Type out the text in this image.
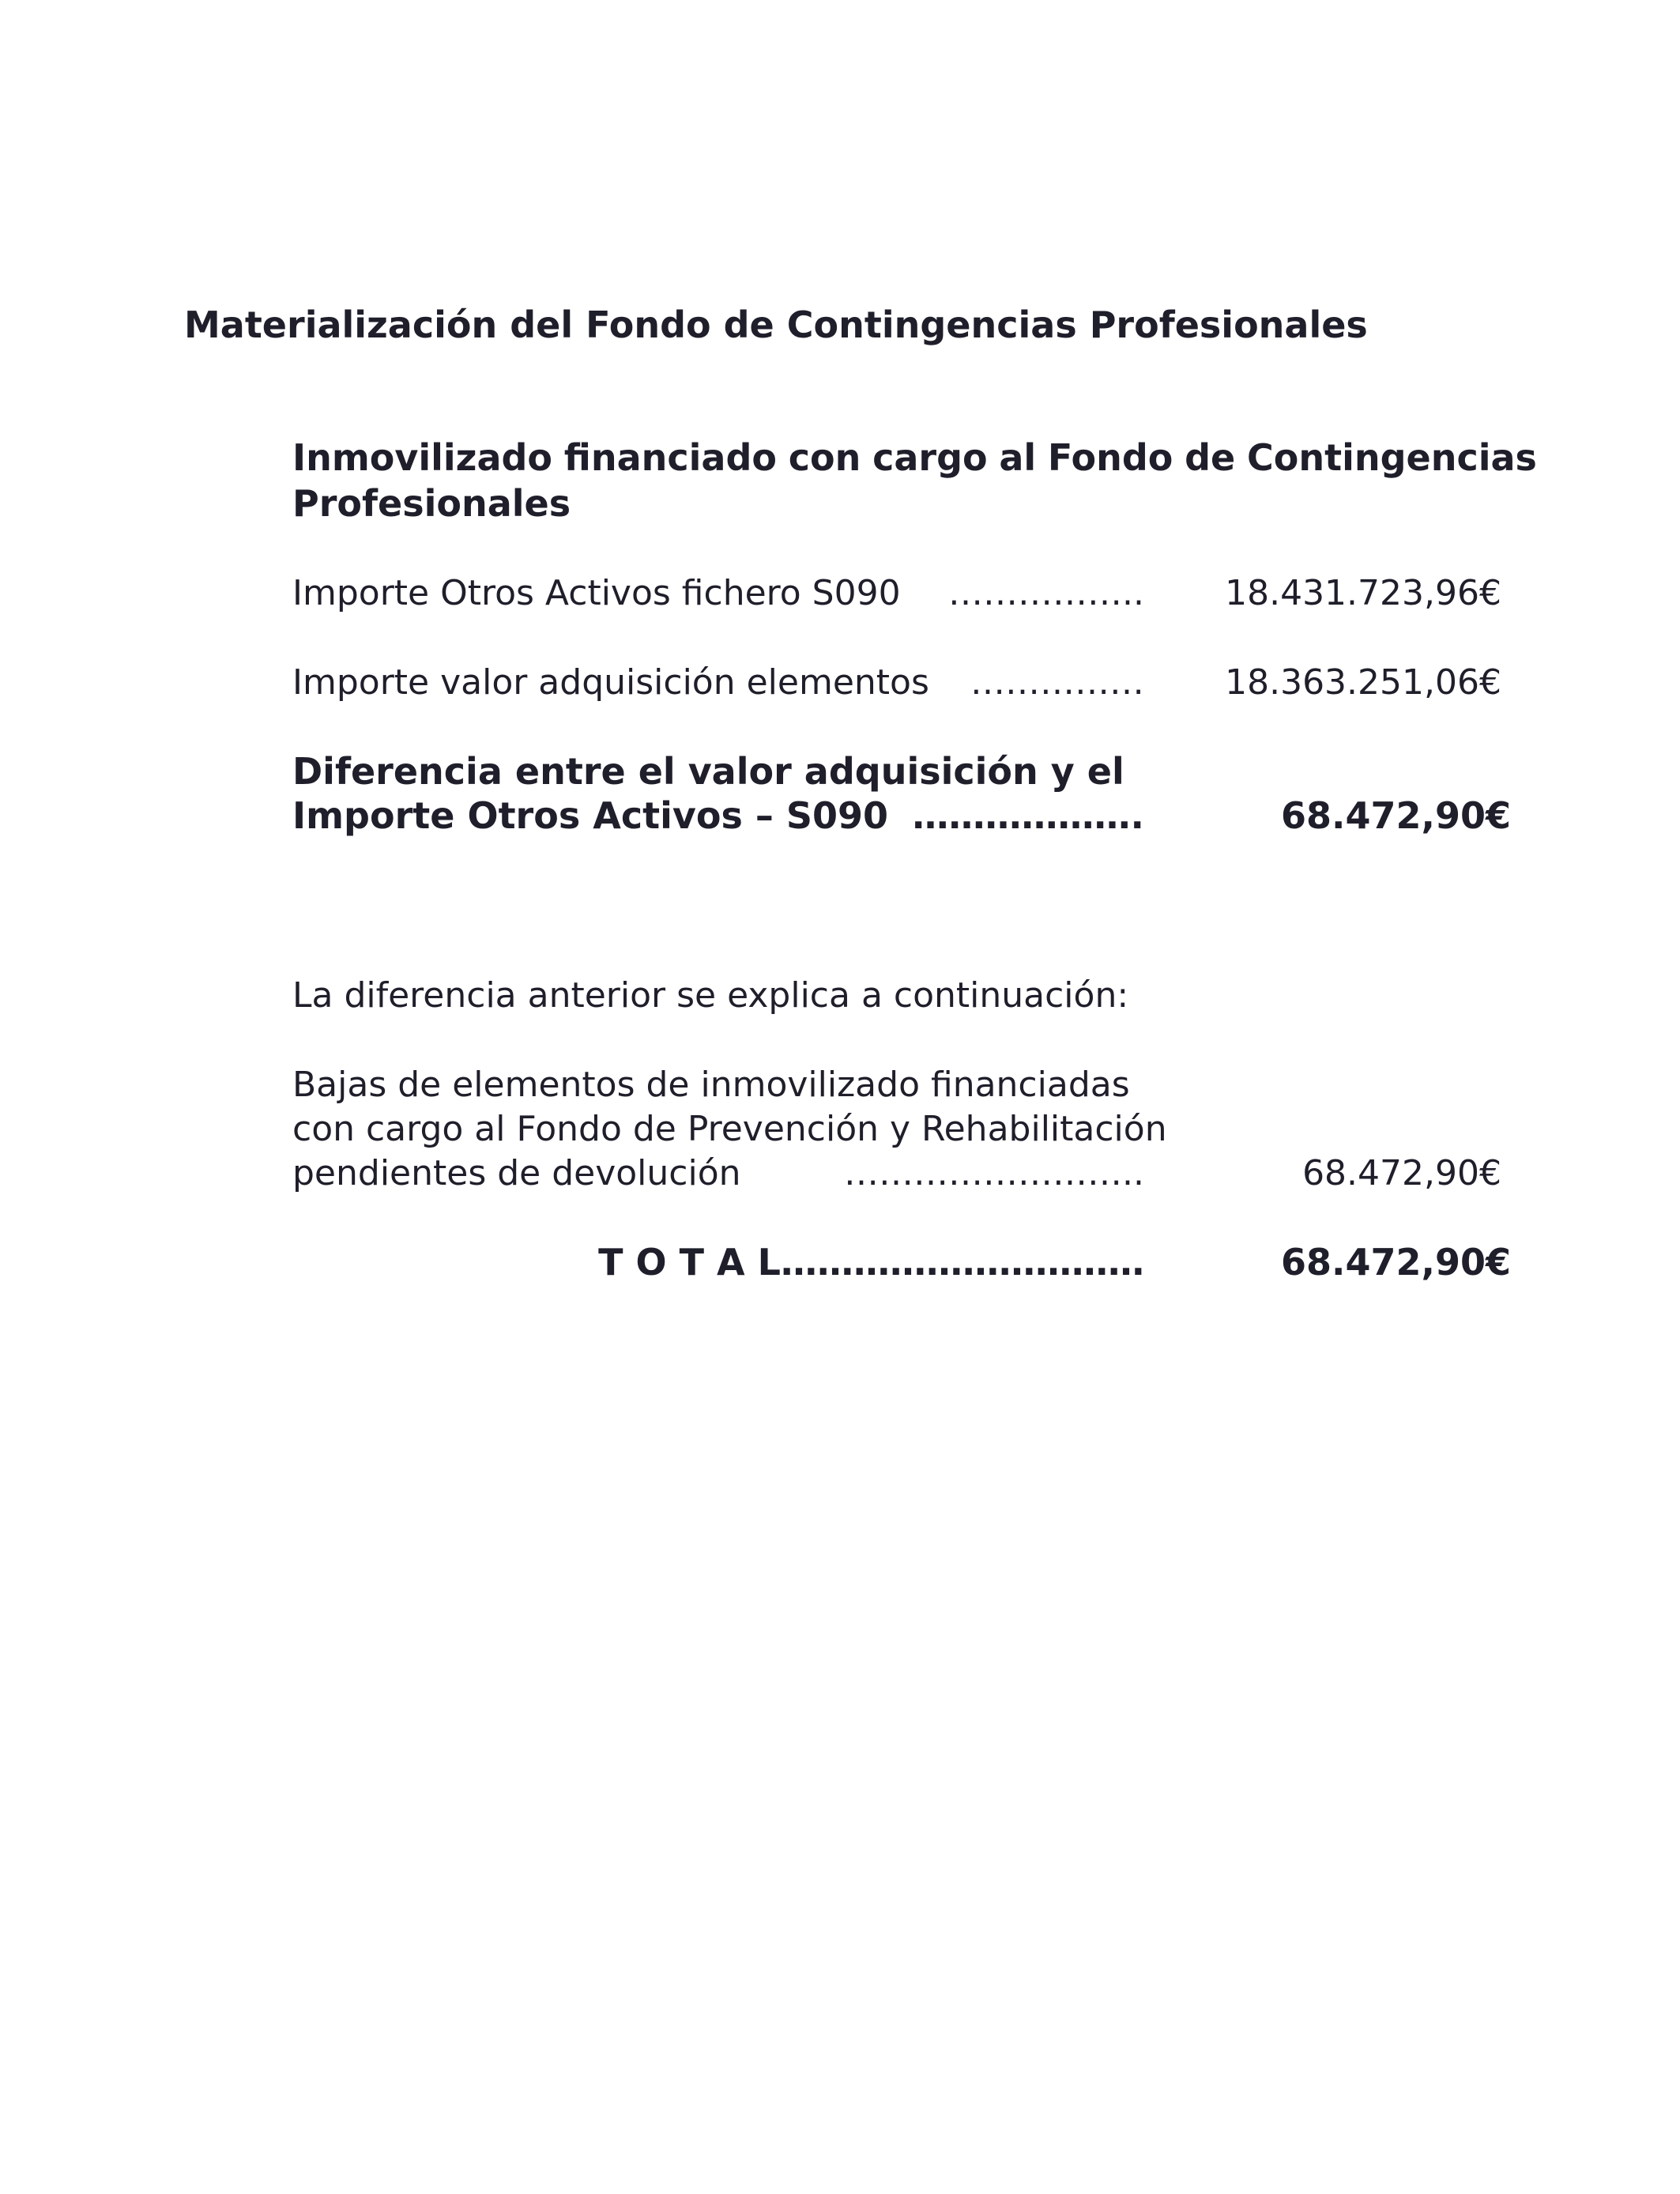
Materialización del Fondo de Contingencias Profesionales
Inmovilizado financiado con cargo al Fondo de Contingencias
Profesionales
Importe Otros Activos fichero S090	……………..	18.431.723,96€
Importe valor adquisición elementos	……………	18.363.251,06€
Diferencia entre el valor adquisición y el
Importe Otros Activos – S090 ……………….	68.472,90€
La diferencia anterior se explica a continuación:
Bajas de elementos de inmovilizado financiadas
con cargo al Fondo de Prevención y Rehabilitación
pendientes de devolución	……………………..	68.472,90€
T O T A L…………………………	68.472,90€
